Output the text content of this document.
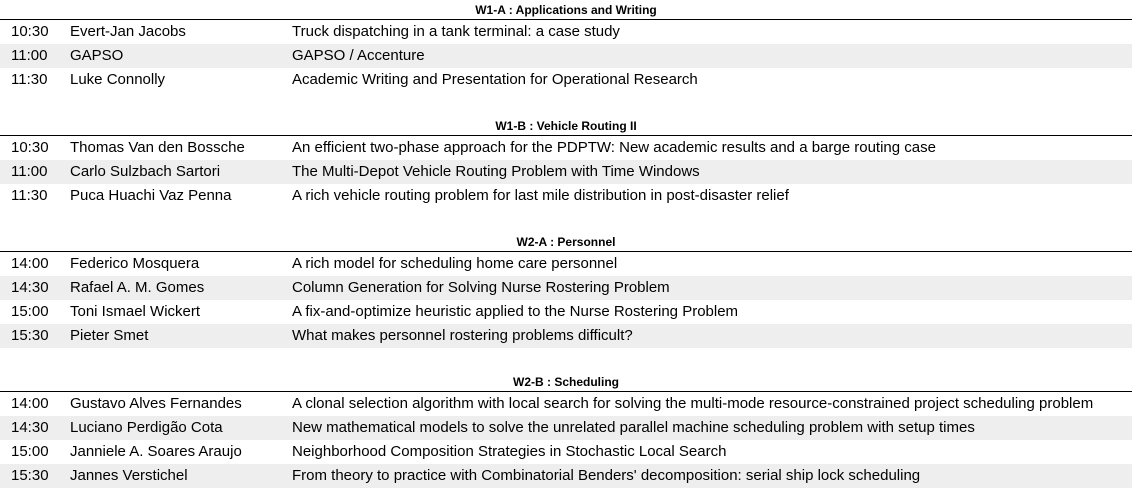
W1-A : Applications and Writing
10:30 Evert-Jan Jacobs	Truck dispatching in a tank terminal: a case study
11:00 GAPSO	GAPSO / Accenture
11:30 Luke Connolly	Academic Writing and Presentation for Operational Research
W1-B : Vehicle Routing II
10:30 Thomas Van den Bossche	An efficient two-phase approach for the PDPTW: New academic results and a barge routing case
11:00 Carlo Sulzbach Sartori	The Multi-Depot Vehicle Routing Problem with Time Windows
11:30 Puca Huachi Vaz Penna	A rich vehicle routing problem for last mile distribution in post-disaster relief
W2-A : Personnel
14:00 Federico Mosquera	A rich model for scheduling home care personnel
14:30 Rafael A. M. Gomes	Column Generation for Solving Nurse Rostering Problem
15:00 Toni Ismael Wickert	A fix-and-optimize heuristic applied to the Nurse Rostering Problem
15:30 Pieter Smet	What makes personnel rostering problems difficult?
W2-B : Scheduling
14:00 Gustavo Alves Fernandes	A clonal selection algorithm with local search for solving the multi-mode resource-constrained project scheduling problem
14:30 Luciano Perdigão Cota	New mathematical models to solve the unrelated parallel machine scheduling problem with setup times
15:00 Janniele A. Soares Araujo	Neighborhood Composition Strategies in Stochastic Local Search
15:30 Jannes Verstichel	From theory to practice with Combinatorial Benders' decomposition: serial ship lock scheduling
